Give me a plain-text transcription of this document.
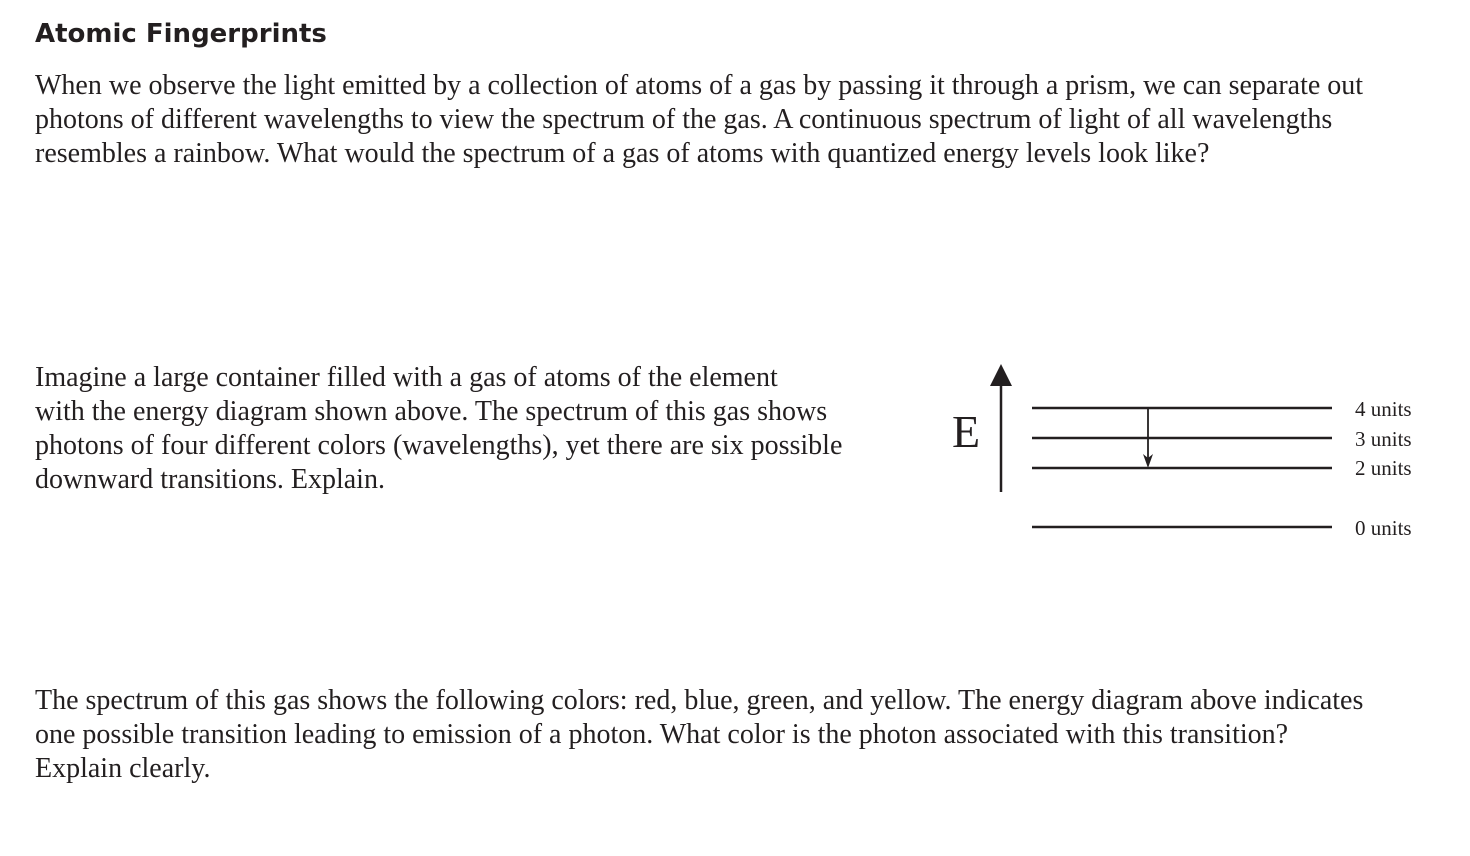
Atomic Fingerprints

When we observe the light emitted by a collection of atoms of a gas by passing it through a prism, we can separate out
photons of different wavelengths to view the spectrum of the gas. A continuous spectrum of light of all wavelengths
resembles a rainbow. What would the spectrum of a gas of atoms with quantized energy levels look like?

Imagine a large container filled with a gas of atoms of the element
with the energy diagram shown above. The spectrum of this gas shows
photons of four different colors (wavelengths), yet there are six possible
downward transitions. Explain.

E	4 units
3 units
2 units
0 units

The spectrum of this gas shows the following colors: red, blue, green, and yellow. The energy diagram above indicates
one possible transition leading to emission of a photon. What color is the photon associated with this transition?
Explain clearly.
